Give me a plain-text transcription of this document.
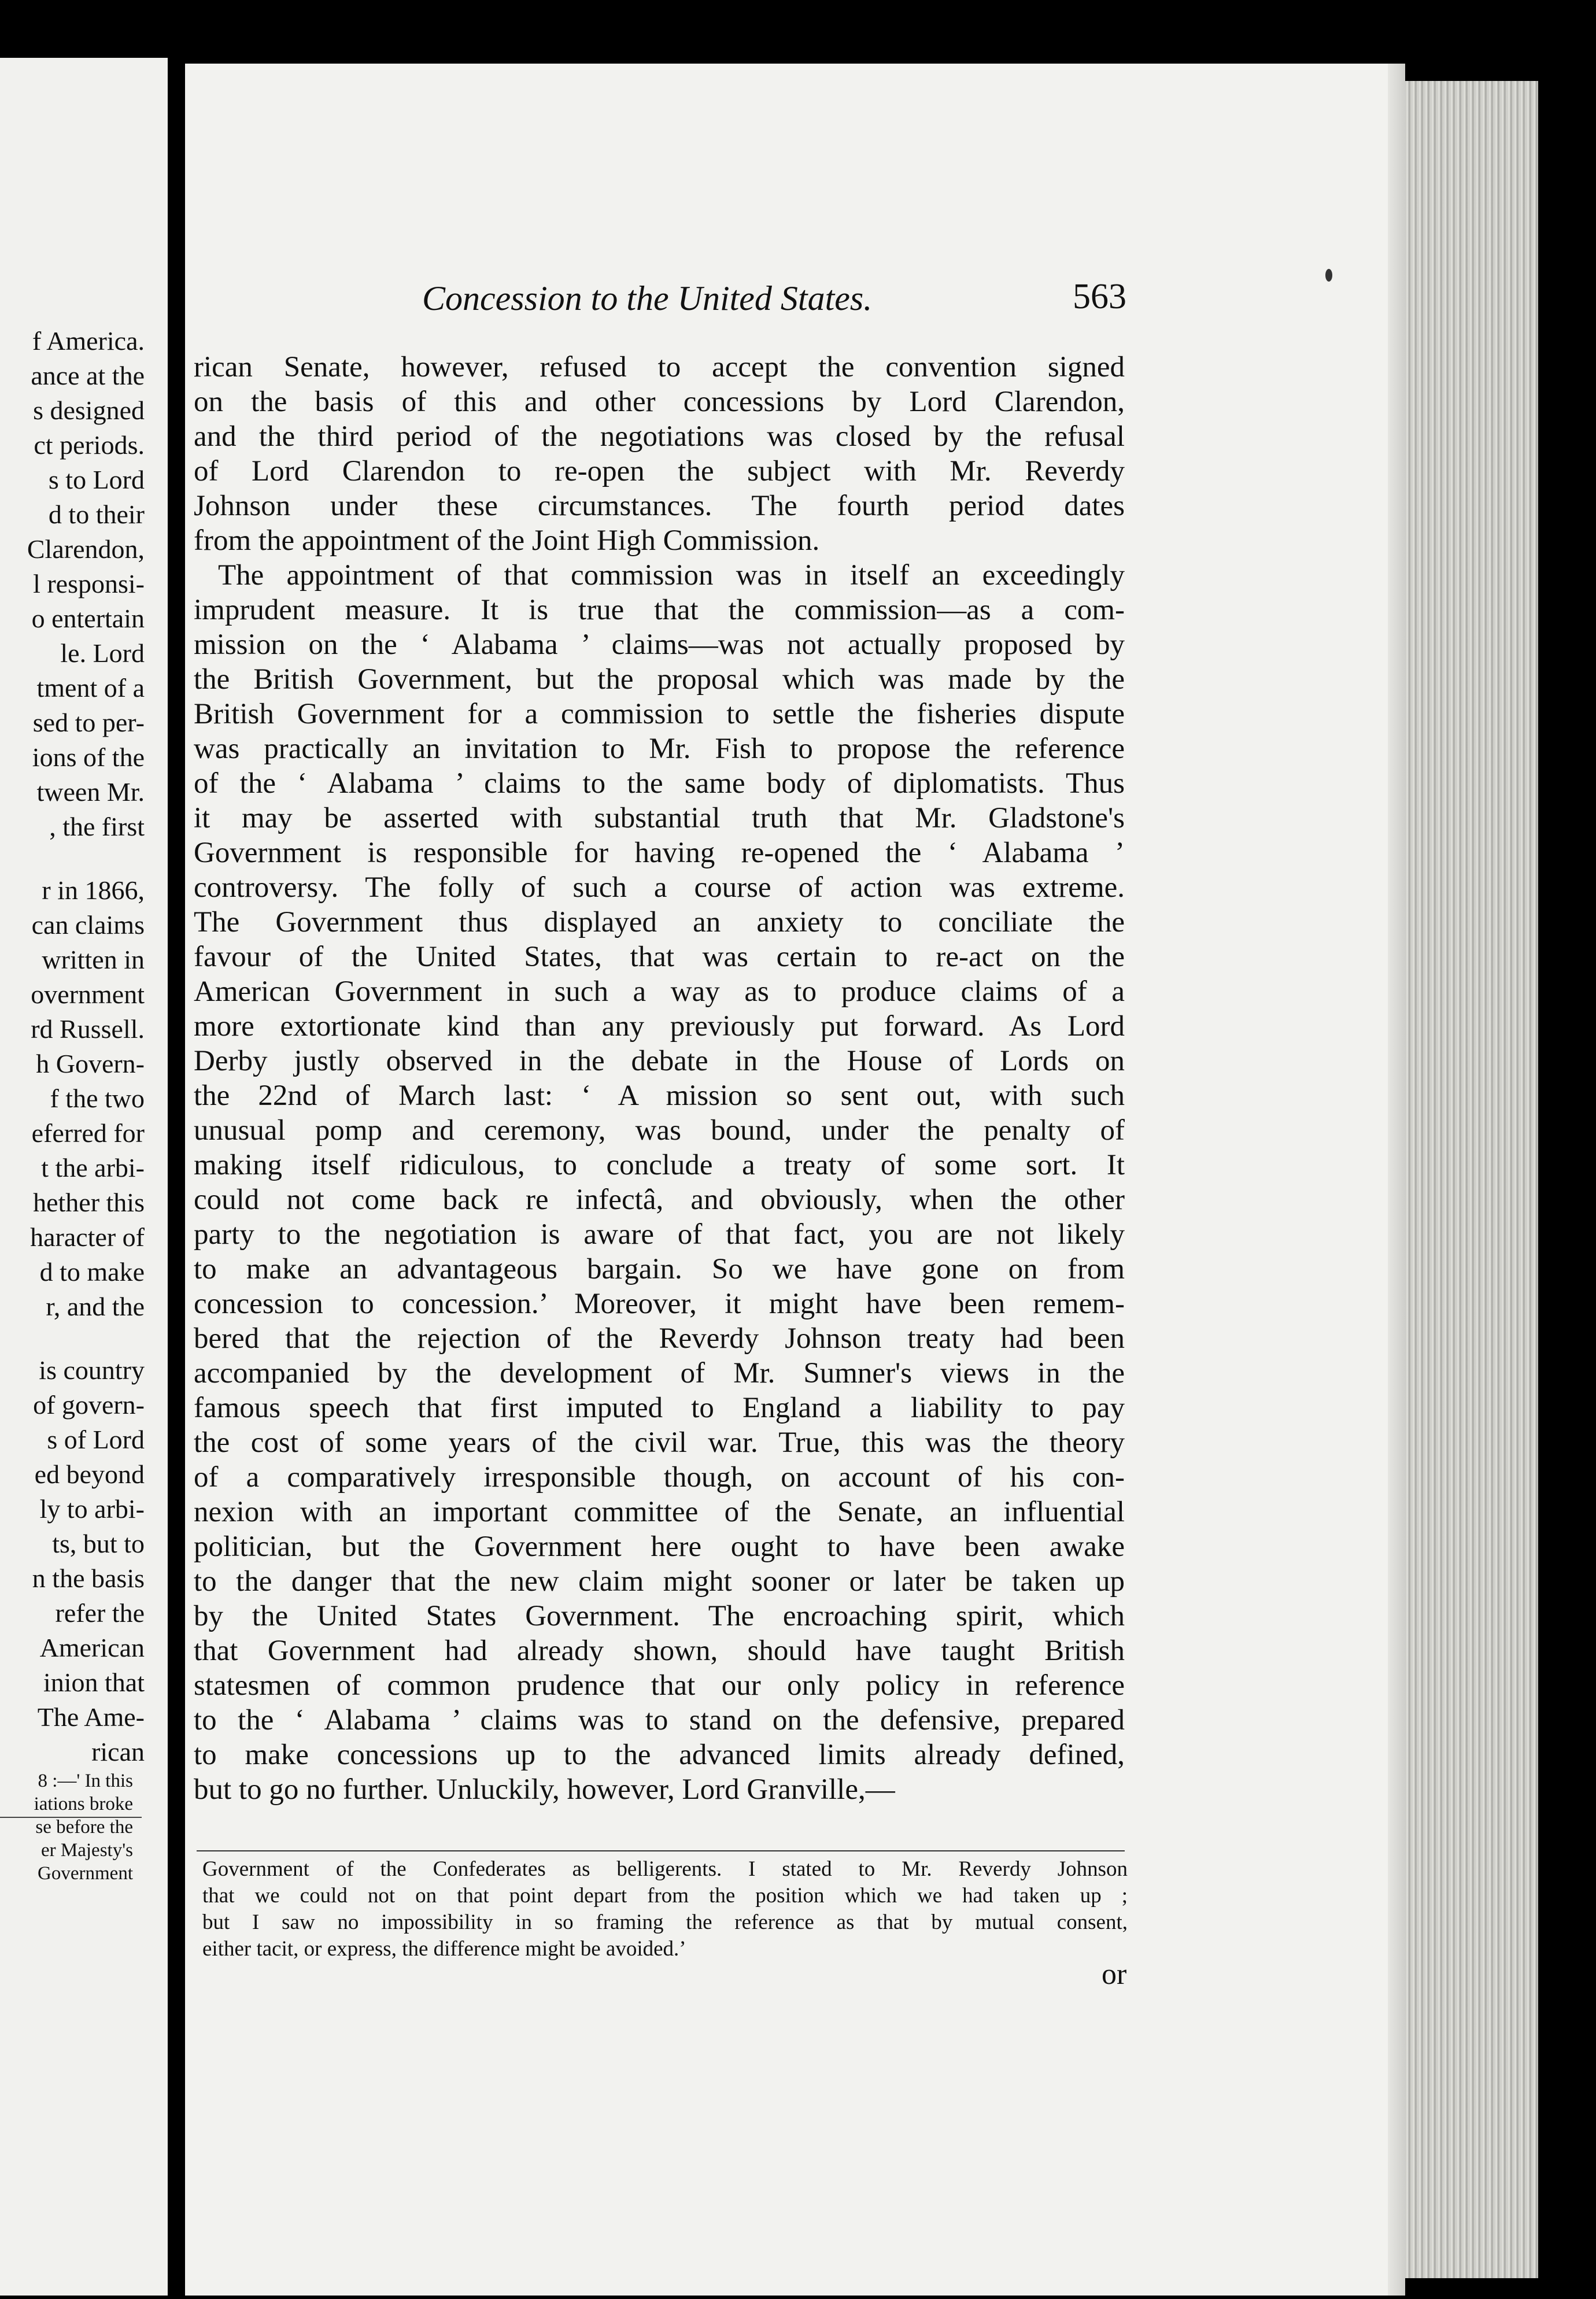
f America.
ance at the
s designed
ct periods.
s to Lord
d to their
Clarendon,
l responsi-
o entertain
le. Lord
tment of a
sed to per-
ions of the
tween Mr.
, the first
r in 1866,
can claims
written in
overnment
rd Russell.
h Govern-
f the two
eferred for
t the arbi-
hether this
haracter of
d to make
r, and the
is country
of govern-
s of Lord
ed beyond
ly to arbi-
ts, but to
n the basis
refer the
American
inion that
The Ame-
rican
8 :—' In this
iations broke
se before the
er Majesty's
Government
Concession to the United States.	563
rican Senate, however, refused to accept the convention signed
on the basis of this and other concessions by Lord Clarendon,
and the third period of the negotiations was closed by the refusal
of Lord Clarendon to re-open the subject with Mr. Reverdy
Johnson under these circumstances. The fourth period dates
from the appointment of the Joint High Commission.
The appointment of that commission was in itself an exceedingly
imprudent measure. It is true that the commission—as a com-
mission on the ‘ Alabama ’ claims—was not actually proposed by
the British Government, but the proposal which was made by the
British Government for a commission to settle the fisheries dispute
was practically an invitation to Mr. Fish to propose the reference
of the ‘ Alabama ’ claims to the same body of diplomatists. Thus
it may be asserted with substantial truth that Mr. Gladstone's
Government is responsible for having re-opened the ‘ Alabama ’
controversy. The folly of such a course of action was extreme.
The Government thus displayed an anxiety to conciliate the
favour of the United States, that was certain to re-act on the
American Government in such a way as to produce claims of a
more extortionate kind than any previously put forward. As Lord
Derby justly observed in the debate in the House of Lords on
the 22nd of March last: ‘ A mission so sent out, with such
unusual pomp and ceremony, was bound, under the penalty of
making itself ridiculous, to conclude a treaty of some sort. It
could not come back re infectâ, and obviously, when the other
party to the negotiation is aware of that fact, you are not likely
to make an advantageous bargain. So we have gone on from
concession to concession.’ Moreover, it might have been remem-
bered that the rejection of the Reverdy Johnson treaty had been
accompanied by the development of Mr. Sumner's views in the
famous speech that first imputed to England a liability to pay
the cost of some years of the civil war. True, this was the theory
of a comparatively irresponsible though, on account of his con-
nexion with an important committee of the Senate, an influential
politician, but the Government here ought to have been awake
to the danger that the new claim might sooner or later be taken up
by the United States Government. The encroaching spirit, which
that Government had already shown, should have taught British
statesmen of common prudence that our only policy in reference
to the ‘ Alabama ’ claims was to stand on the defensive, prepared
to make concessions up to the advanced limits already defined,
but to go no further. Unluckily, however, Lord Granville,—
Government of the Confederates as belligerents. I stated to Mr. Reverdy Johnson
that we could not on that point depart from the position which we had taken up ;
but I saw no impossibility in so framing the reference as that by mutual consent,
either tacit, or express, the difference might be avoided.’
or
